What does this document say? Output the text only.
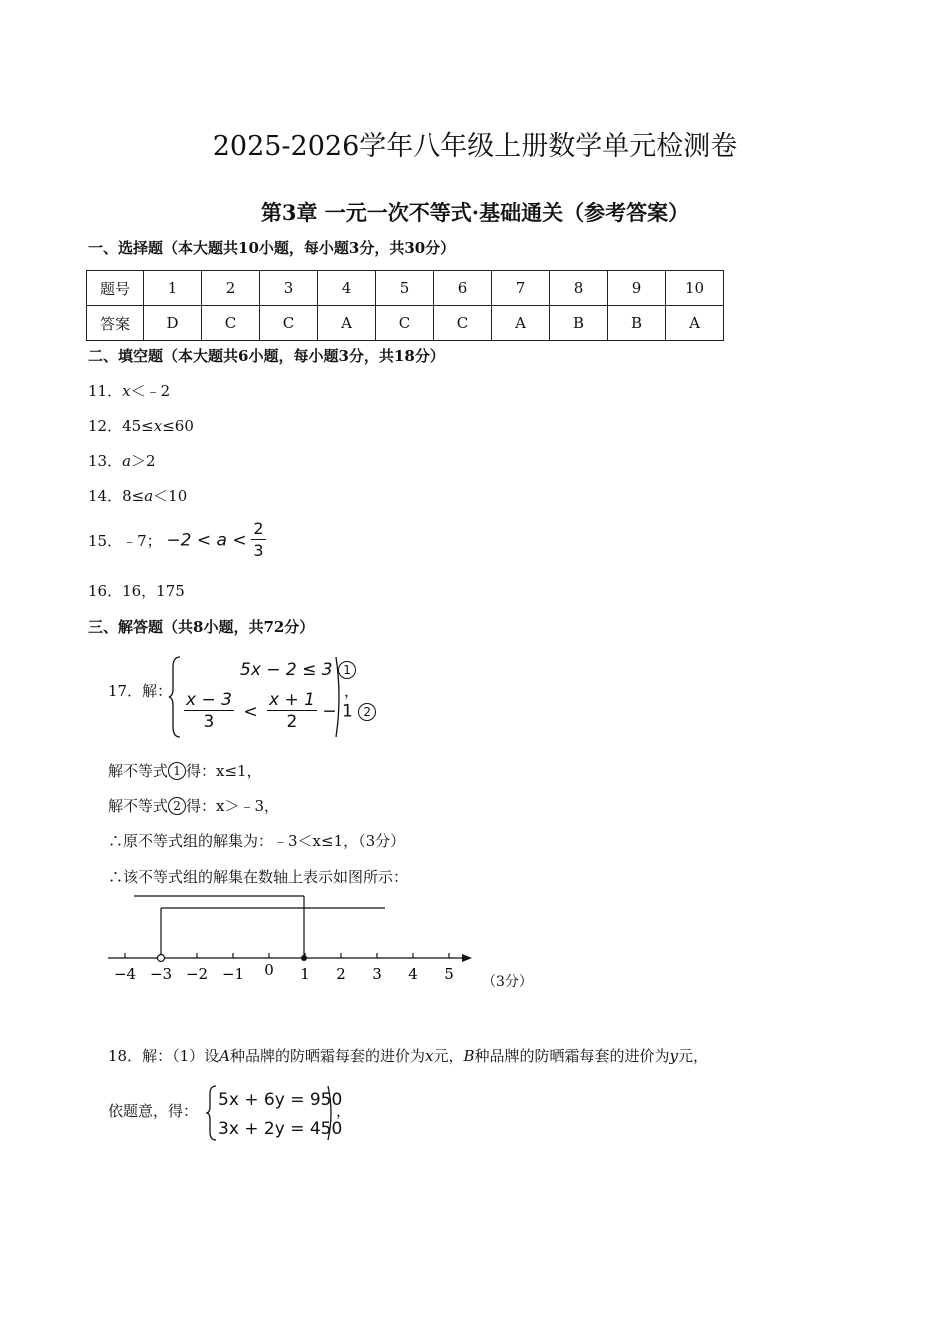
2025-2026学年八年级上册数学单元检测卷
第3章 一元一次不等式·基础通关（参考答案）
一、选择题（本大题共10小题，每小题3分，共30分）
题号	1	2	3	4	5	6	7	8	9	10
答案	D	C	C	A	C	C	A	B	B	A
二、填空题（本大题共6小题，每小题3分，共18分）
11．x＜﹣2
12．45≤x≤60
13．a＞2
14．8≤a＜10
15．﹣7； $-2 < a < \frac{2}{3}$
16．16，175
三、解答题（共8小题，共72分）
17．解：
5x − 2 ≤ 3 1
$\frac{x - 3}{3} < \frac{x + 1}{2} - 1$ 2
，
解不等式 1 得：x≤1，
解不等式 2 得：x＞﹣3，
∴原不等式组的解集为：﹣3＜x≤1，（3分）
∴该不等式组的解集在数轴上表示如图所示：
−4 −3 −2 −1 0 1 2 3 4 5 （3分）
18．解：（1）设A种品牌的防晒霜每套的进价为x元，B种品牌的防晒霜每套的进价为y元，
依题意，得：
5x + 6y = 950
3x + 2y = 450
，
